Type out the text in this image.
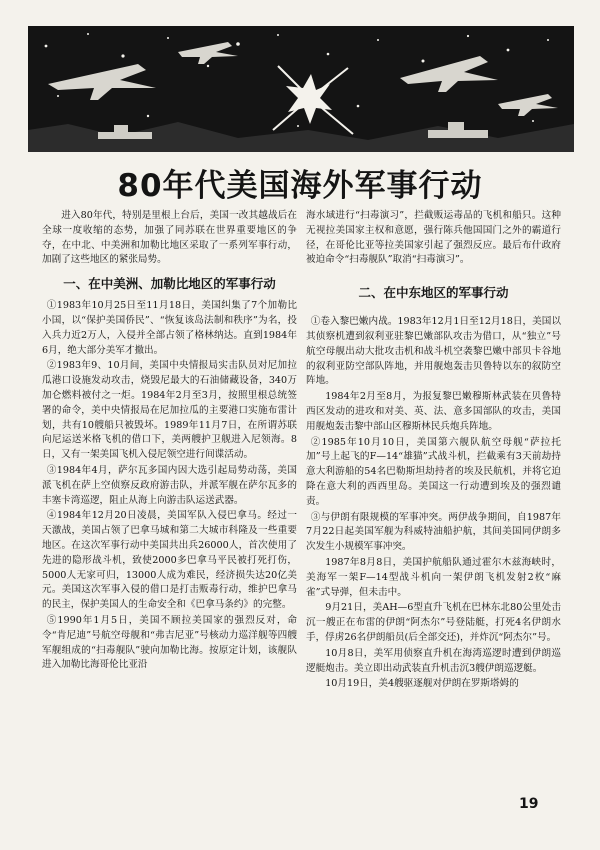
80年代美国海外军事行动

进入80年代，特别是里根上台后，美国一改其越战后在全球一度收缩的态势，加强了同苏联在世界重要地区的争夺，在中北、中美洲和加勒比地区采取了一系列军事行动，加剧了这些地区的紧张局势。

一、在中美洲、加勒比地区的军事行动

①1983年10月25日至11月18日，美国纠集了7个加勒比小国，以“保护美国侨民”、“恢复该岛法制和秩序”为名，投入兵力近2万人，入侵并全部占领了格林纳达。直到1984年6月，绝大部分美军才撤出。

②1983年9、10月间，美国中央情报局实击队员对尼加拉瓜港口设施发动攻击，烧毁尼最大的石油储藏设备，340万加仑燃料被付之一炬。1984年2月至3月，按照里根总统签署的命令，美中央情报局在尼加拉瓜的主要港口实施布雷计划，共有10艘船只被毁坏。1989年11月7日，在所谓苏联向尼运送米格飞机的借口下，美两艘护卫舰进入尼领海。8日，又有一架美国飞机入侵尼领空进行间谍活动。

③1984年4月，萨尔瓦多国内因大选引起局势动荡，美国派飞机在萨上空侦察反政府游击队，并派军舰在萨尔瓦多的丰塞卡湾巡逻，阻止从海上向游击队运送武器。

④1984年12月20日凌晨，美国军队入侵巴拿马。经过一天激战，美国占领了巴拿马城和第二大城市科隆及一些重要地区。在这次军事行动中美国共出兵26000人，首次使用了先进的隐形战斗机，致使2000多巴拿马平民被打死打伤，5000人无家可归，13000人成为难民，经济损失达20亿美元。美国这次军事入侵的借口是打击贩毒行动，维护巴拿马的民主，保护美国人的生命安全和《巴拿马条约》的完整。

⑤1990年1月5日，美国不顾拉美国家的强烈反对，命令“肯尼迪”号航空母舰和“弗吉尼亚”号核动力巡洋舰等四艘军舰组成的“扫毒舰队”驶向加勒比海。按原定计划，该舰队进入加勒比海哥伦比亚沿

海水域进行“扫毒演习”，拦截贩运毒品的飞机和船只。这种无视拉美国家主权和意愿，强行陈兵他国国门之外的霸道行径，在哥伦比亚等拉美国家引起了强烈反应。最后布什政府被迫命令“扫毒舰队”取消“扫毒演习”。

二、在中东地区的军事行动

①卷入黎巴嫩内战。1983年12月1日至12月18日，美国以其侦察机遭到叙利亚驻黎巴嫩部队攻击为借口，从“独立”号航空母舰出动大批攻击机和战斗机空袭黎巴嫩中部贝卡谷地的叙利亚防空部队阵地，并用舰炮轰击贝鲁特以东的叙防空阵地。

1984年2月至8月，为报复黎巴嫩穆斯林武装在贝鲁特西区发动的进攻和对美、英、法、意多国部队的攻击，美国用舰炮轰击黎中部山区穆斯林民兵炮兵阵地。

②1985年10月10日，美国第六舰队航空母舰“萨拉托加”号上起飞的F—14“雄猫”式战斗机，拦截乘有3天前劫持意大利游船的54名巴勒斯坦劫持者的埃及民航机，并将它迫降在意大利的西西里岛。美国这一行动遭到埃及的强烈谴责。

③与伊朗有限规模的军事冲突。两伊战争期间，自1987年7月22日起美国军舰为科威特油船护航，其间美国同伊朗多次发生小规模军事冲突。

1987年8月8日，美国护航船队通过霍尔木兹海峡时，美海军一架F—14型战斗机向一架伊朗飞机发射2枚“麻雀”式导弹，但未击中。

9月21日，美AH—6型直升飞机在巴林东北80公里处击沉一艘正在布雷的伊朗“阿杰尔”号登陆艇，打死4名伊朗水手，俘虏26名伊朗船员(后全部交还)，并炸沉“阿杰尔”号。

10月8日，美军用侦察直升机在海湾巡逻时遭到伊朗巡逻艇炮击。美立即出动武装直升机击沉3艘伊朗巡逻艇。

10月19日，美4艘驱逐舰对伊朗在罗斯塔姆的

19
